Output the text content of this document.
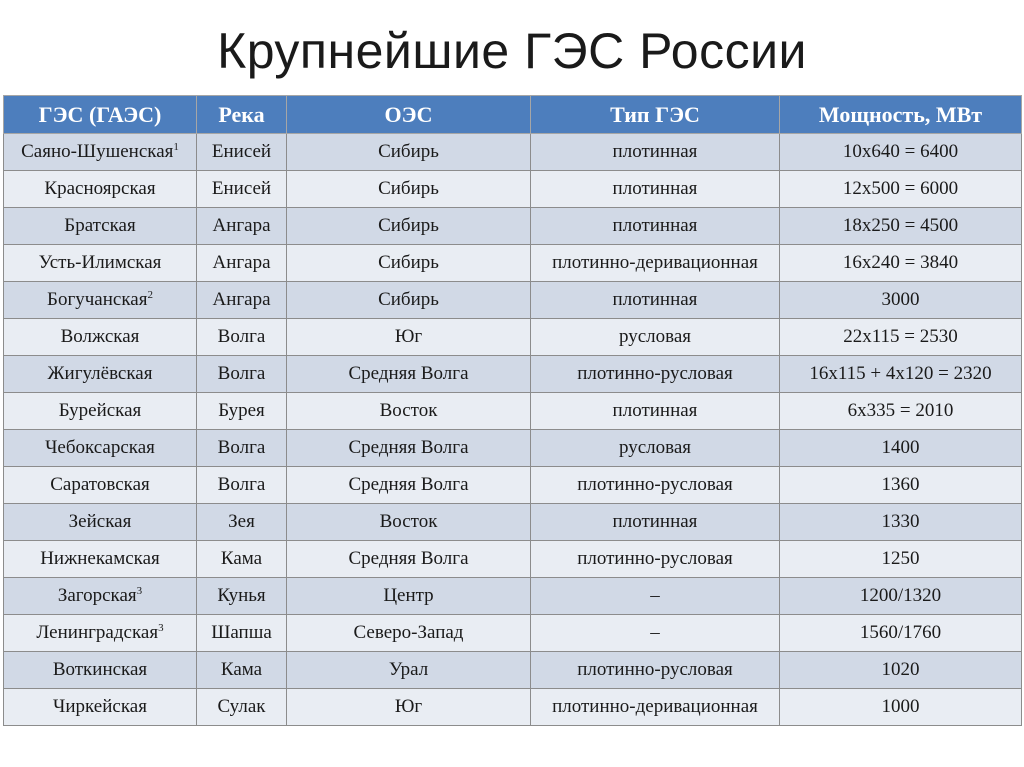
Крупнейшие ГЭС России
ГЭС (ГАЭС)	Река	ОЭС	Тип ГЭС	Мощность, МВт
Саяно-Шушенская$^1$	Енисей	Сибирь	плотинная	10х640 = 6400
Красноярская	Енисей	Сибирь	плотинная	12х500 = 6000
Братская	Ангара	Сибирь	плотинная	18х250 = 4500
Усть-Илимская	Ангара	Сибирь	плотинно-деривационная	16х240 = 3840
Богучанская$^2$	Ангара	Сибирь	плотинная	3000
Волжская	Волга	Юг	русловая	22х115 = 2530
Жигулёвская	Волга	Средняя Волга	плотинно-русловая	16х115 + 4х120 = 2320
Бурейская	Бурея	Восток	плотинная	6х335 = 2010
Чебоксарская	Волга	Средняя Волга	русловая	1400
Саратовская	Волга	Средняя Волга	плотинно-русловая	1360
Зейская	Зея	Восток	плотинная	1330
Нижнекамская	Кама	Средняя Волга	плотинно-русловая	1250
Загорская$^3$	Кунья	Центр	–	1200/1320
Ленинградская$^3$	Шапша	Северо-Запад	–	1560/1760
Воткинская	Кама	Урал	плотинно-русловая	1020
Чиркейская	Сулак	Юг	плотинно-деривационная	1000
